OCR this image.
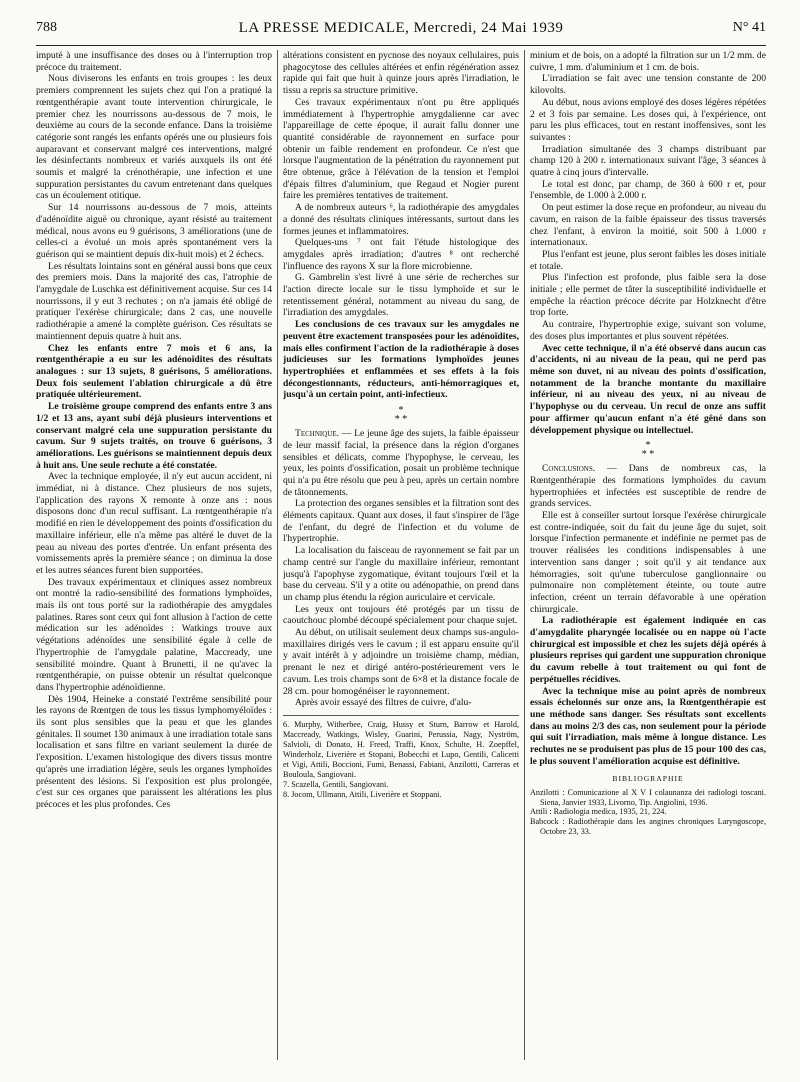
788	LA PRESSE MEDICALE, Mercredi, 24 Mai 1939	N° 41

imputé à une insuffisance des doses ou à l'interruption trop précoce du traitement.

Nous diviserons les enfants en trois groupes : les deux premiers comprennent les sujets chez qui l'on a pratiqué la rœntgenthérapie avant toute intervention chirurgicale, le premier chez les nourrissons au-dessous de 7 mois, le deuxième au cours de la seconde enfance. Dans la troisième catégorie sont rangés les enfants opérés une ou plusieurs fois auparavant et conservant malgré ces interventions, malgré les désinfectants nombreux et variés auxquels ils ont été soumis et malgré la crénothérapie, une infection et une suppuration persistantes du cavum entretenant dans quelques cas un écoulement otitique.

Sur 14 nourrissons au-dessous de 7 mois, atteints d'adénoïdite aiguë ou chronique, ayant résisté au traitement médical, nous avons eu 9 guérisons, 3 améliorations (une de celles-ci a évolué un mois après spontanément vers la guérison qui se maintient depuis dix-huit mois) et 2 échecs.

Les résultats lointains sont en général aussi bons que ceux des premiers mois. Dans la majorité des cas, l'atrophie de l'amygdale de Luschka est définitivement acquise. Sur ces 14 nourrissons, il y eut 3 rechutes ; on n'a jamais été obligé de pratiquer l'exérèse chirurgicale; dans 2 cas, une nouvelle radiothérapie a amené la complète guérison. Ces résultats se maintiennent depuis quatre à huit ans.

Chez les enfants entre 7 mois et 6 ans, la rœntgenthérapie a eu sur les adénoïdites des résultats analogues : sur 13 sujets, 8 guérisons, 5 améliorations. Deux fois seulement l'ablation chirurgicale a dû être pratiquée ultérieurement.

Le troisième groupe comprend des enfants entre 3 ans 1/2 et 13 ans, ayant subi déjà plusieurs interventions et conservant malgré cela une suppuration persistante du cavum. Sur 9 sujets traités, on trouve 6 guérisons, 3 améliorations. Les guérisons se maintiennent depuis deux à huit ans. Une seule rechute a été constatée.

Avec la technique employée, il n'y eut aucun accident, ni immédiat, ni à distance. Chez plusieurs de nos sujets, l'application des rayons X remonte à onze ans : nous disposons donc d'un recul suffisant. La rœntgenthérapie n'a modifié en rien le développement des points d'ossification du maxillaire inférieur, elle n'a même pas altéré le duvet de la peau au niveau des portes d'entrée. Un enfant présenta des vomissements après la première séance ; on diminua la dose et les autres séances furent bien supportées.

Des travaux expérimentaux et cliniques assez nombreux ont montré la radio-sensibilité des formations lymphoïdes, mais ils ont tous porté sur la radiothérapie des amygdales palatines. Rares sont ceux qui font allusion à l'action de cette médication sur les adénoïdes : Watkings trouve aux végétations adénoïdes une sensibilité égale à celle de l'hypertrophie de l'amygdale palatine, Maccready, une sensibilité moindre. Quant à Brunetti, il ne qu'avec la rœntgenthérapie, on puisse obtenir un résultat quelconque dans l'hypertrophie adénoïdienne.

Dès 1904, Heineke a constaté l'extrême sensibilité pour les rayons de Rœntgen de tous les tissus lymphomyéloïdes : ils sont plus sensibles que la peau et que les glandes génitales. Il soumet 130 animaux à une irradiation totale sans localisation et sans filtre en variant seulement la durée de l'exposition. L'examen histologique des divers tissus montre qu'après une irradiation légère, seuls les organes lymphoïdes présentent des lésions. Si l'exposition est plus prolongée, c'est sur ces organes que paraissent les altérations les plus précoces et les plus profondes. Ces

altérations consistent en pycnose des noyaux cellulaires, puis phagocytose des cellules altérées et enfin régénération assez rapide qui fait que huit à quinze jours après l'irradiation, le tissu a repris sa structure primitive.

Ces travaux expérimentaux n'ont pu être appliqués immédiatement à l'hypertrophie amygdalienne car avec l'appareillage de cette époque, il aurait fallu donner une quantité considérable de rayonnement en surface pour obtenir un faible rendement en profondeur. Ce n'est que lorsque l'augmentation de la pénétration du rayonnement put être obtenue, grâce à l'élévation de la tension et l'emploi d'épais filtres d'aluminium, que Regaud et Nogier purent faire les premières tentatives de traitement.

A de nombreux auteurs ⁶, la radiothérapie des amygdales a donné des résultats cliniques intéressants, surtout dans les formes jeunes et inflammatoires.

Quelques-uns ⁷ ont fait l'étude histologique des amygdales après irradiation; d'autres ⁸ ont recherché l'influence des rayons X sur la flore microbienne.

G. Gambrelin s'est livré à une série de recherches sur l'action directe locale sur le tissu lymphoïde et sur le retentissement général, notamment au niveau du sang, de l'irradiation des amygdales.

Les conclusions de ces travaux sur les amygdales ne peuvent être exactement transposées pour les adénoïdites, mais elles confirment l'action de la radiothérapie à doses judicieuses sur les formations lymphoïdes jeunes hypertrophiées et enflammées et ses effets à la fois décongestionnants, réducteurs, anti-hémorragiques et, jusqu'à un certain point, anti-infectieux.

*
* *

Technique. — Le jeune âge des sujets, la faible épaisseur de leur massif facial, la présence dans la région d'organes sensibles et délicats, comme l'hypophyse, le cerveau, les yeux, les points d'ossification, posait un problème technique qui n'a pu être résolu que peu à peu, après un certain nombre de tâtonnements.

La protection des organes sensibles et la filtration sont des éléments capitaux. Quant aux doses, il faut s'inspirer de l'âge de l'enfant, du degré de l'infection et du volume de l'hypertrophie.

La localisation du faisceau de rayonnement se fait par un champ centré sur l'angle du maxillaire inférieur, remontant jusqu'à l'apophyse zygomatique, évitant toujours l'œil et la base du cerveau. S'il y a otite ou adénopathie, on prend dans un champ plus étendu la région auriculaire et cervicale.

Les yeux ont toujours été protégés par un tissu de caoutchouc plombé découpé spécialement pour chaque sujet.

Au début, on utilisait seulement deux champs sus-angulo-maxillaires dirigés vers le cavum ; il est apparu ensuite qu'il y avait intérêt à y adjoindre un troisième champ, médian, prenant le nez et dirigé antéro-postérieurement vers le cavum. Les trois champs sont de 6×8 et la distance focale de 28 cm. pour homogénéiser le rayonnement.

Après avoir essayé des filtres de cuivre, d'alu-

6. Murphy, Witherbee, Craig, Hussy et Sturn, Barrow et Harold, Maccready, Watkings, Wisley, Guarini, Perussia, Nagy, Nyström, Salvioli, di Donato, H. Freed, Traffi, Knox, Schulte, H. Zoepffel, Winderholz, Liverière et Stopani, Bobecchi et Lupo, Gentili, Calicetti et Vigi, Attili, Boccioni, Fumi, Benassi, Fabiani, Anzilotti, Carreras et Bouloula, Sangiovani.

7. Scazella, Gentili, Sangiovani.

8. Jocom, Ullmann, Attili, Liverière et Stoppani.

minium et de bois, on a adopté la filtration sur un 1/2 mm. de cuivre, 1 mm. d'aluminium et 1 cm. de bois.

L'irradiation se fait avec une tension constante de 200 kilovolts.

Au début, nous avions employé des doses légères répétées 2 et 3 fois par semaine. Les doses qui, à l'expérience, ont paru les plus efficaces, tout en restant inoffensives, sont les suivantes :

Irradiation simultanée des 3 champs distribuant par champ 120 à 200 r. internationaux suivant l'âge, 3 séances à quatre à cinq jours d'intervalle.

Le total est donc, par champ, de 360 à 600 r et, pour l'ensemble, de 1.000 à 2.000 r.

On peut estimer la dose reçue en profondeur, au niveau du cavum, en raison de la faible épaisseur des tissus traversés chez l'enfant, à environ la moitié, soit 500 à 1.000 r internationaux.

Plus l'enfant est jeune, plus seront faibles les doses initiale et totale.

Plus l'infection est profonde, plus faible sera la dose initiale ; elle permet de tâter la susceptibilité individuelle et empêche la réaction précoce décrite par Holzknecht d'être trop forte.

Au contraire, l'hypertrophie exige, suivant son volume, des doses plus importantes et plus souvent répétées.

Avec cette technique, il n'a été observé dans aucun cas d'accidents, ni au niveau de la peau, qui ne perd pas même son duvet, ni au niveau des points d'ossification, notamment de la branche montante du maxillaire inférieur, ni au niveau des yeux, ni au niveau de l'hypophyse ou du cerveau. Un recul de onze ans suffit pour affirmer qu'aucun enfant n'a été gêné dans son développement physique ou intellectuel.

*
* *

Conclusions. — Dans de nombreux cas, la Rœntgenthérapie des formations lymphoïdes du cavum hypertrophiées et infectées est susceptible de rendre de grands services.

Elle est à conseiller surtout lorsque l'exérèse chirurgicale est contre-indiquée, soit du fait du jeune âge du sujet, soit lorsque l'infection permanente et indéfinie ne permet pas de trouver réalisées les conditions indispensables à une intervention sans danger ; soit qu'il y ait tendance aux hémorragies, soit qu'une tuberculose ganglionnaire ou pulmonaire non complètement éteinte, ou toute autre infection, créent un terrain défavorable à une opération chirurgicale.

La radiothérapie est également indiquée en cas d'amygdalite pharyngée localisée ou en nappe où l'acte chirurgical est impossible et chez les sujets déjà opérés à plusieurs reprises qui gardent une suppuration chronique du cavum rebelle à tout traitement ou qui font de perpétuelles récidives.

Avec la technique mise au point après de nombreux essais échelonnés sur onze ans, la Rœntgenthérapie est une méthode sans danger. Ses résultats sont excellents dans au moins 2/3 des cas, non seulement pour la période qui suit l'irradiation, mais même à longue distance. Les rechutes ne se produisent pas plus de 15 pour 100 des cas, le plus souvent l'amélioration acquise est définitive.

BIBLIOGRAPHIE

Anzilotti : Comunicazione al X V I colaunanza dei radiologi toscani. Siena, Janvier 1933, Livorno, Tip. Angiolini, 1936.

Attili : Radiologia medica, 1935, 21, 224.

Babcock : Radiothérapie dans les angines chroniques Laryngoscope, Octobre 23, 33.
